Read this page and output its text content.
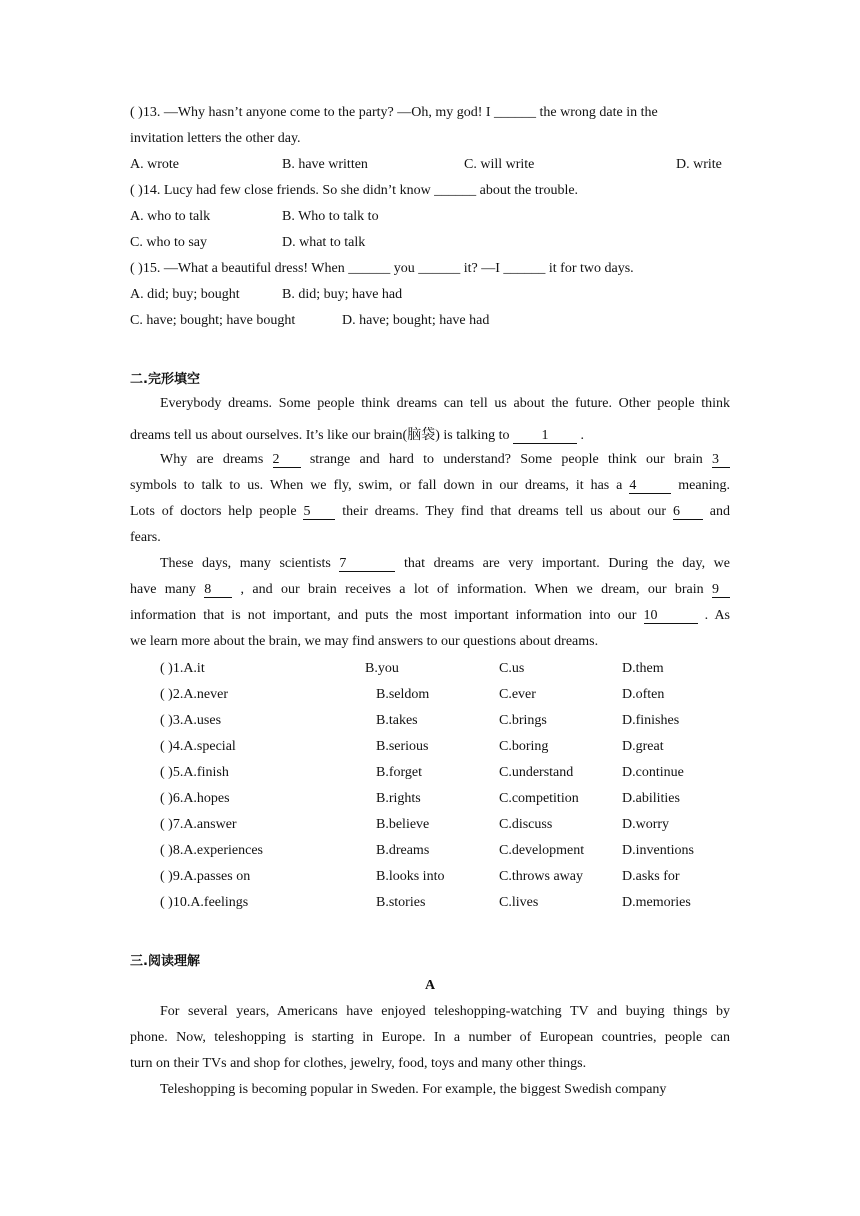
( )13. —Why hasn’t anyone come to the party? —Oh, my god! I ______ the wrong date in the
invitation letters the other day.
A. wrote	B. have written	C. will write	D. write
( )14. Lucy had few close friends. So she didn’t know ______ about the trouble.
A. who to talk	B. Who to talk to
C. who to say	D. what to talk
( )15. —What a beautiful dress! When ______ you ______ it? —I ______ it for two days.
A. did; buy; bought	B. did; buy; have had
C. have; bought; have bought	D. have; bought; have had
二.完形填空
Everybody dreams. Some people think dreams can tell us about the future. Other people think
dreams tell us about ourselves. It’s like our brain(脑袋) is talking to 1 .
Why are dreams 2 strange and hard to understand? Some people think our brain 3
symbols to talk to us. When we fly, swim, or fall down in our dreams, it has a 4	meaning.
Lots of doctors help people 5 their dreams. They find that dreams tell us about our 6 and
fears.
These days, many scientists 7	that dreams are very important. During the day, we
have many 8 , and our brain receives a lot of information. When we dream, our brain 9
information that is not important, and puts the most important information into our 10	. As
we learn more about the brain, we may find answers to our questions about dreams.
( )1.A.it	B.you	C.us	D.them
( )2.A.never	B.seldom	C.ever	D.often
( )3.A.uses	B.takes	C.brings	D.finishes
( )4.A.special	B.serious	C.boring	D.great
( )5.A.finish	B.forget	C.understand	D.continue
( )6.A.hopes	B.rights	C.competition	D.abilities
( )7.A.answer	B.believe	C.discuss	D.worry
( )8.A.experiences	B.dreams	C.development	D.inventions
( )9.A.passes on	B.looks into	C.throws away	D.asks for
( )10.A.feelings	B.stories	C.lives	D.memories
三.阅读理解
A
For several years, Americans have enjoyed teleshopping-watching TV and buying things by
phone. Now, teleshopping is starting in Europe. In a number of European countries, people can
turn on their TVs and shop for clothes, jewelry, food, toys and many other things.
Teleshopping is becoming popular in Sweden. For example, the biggest Swedish company
